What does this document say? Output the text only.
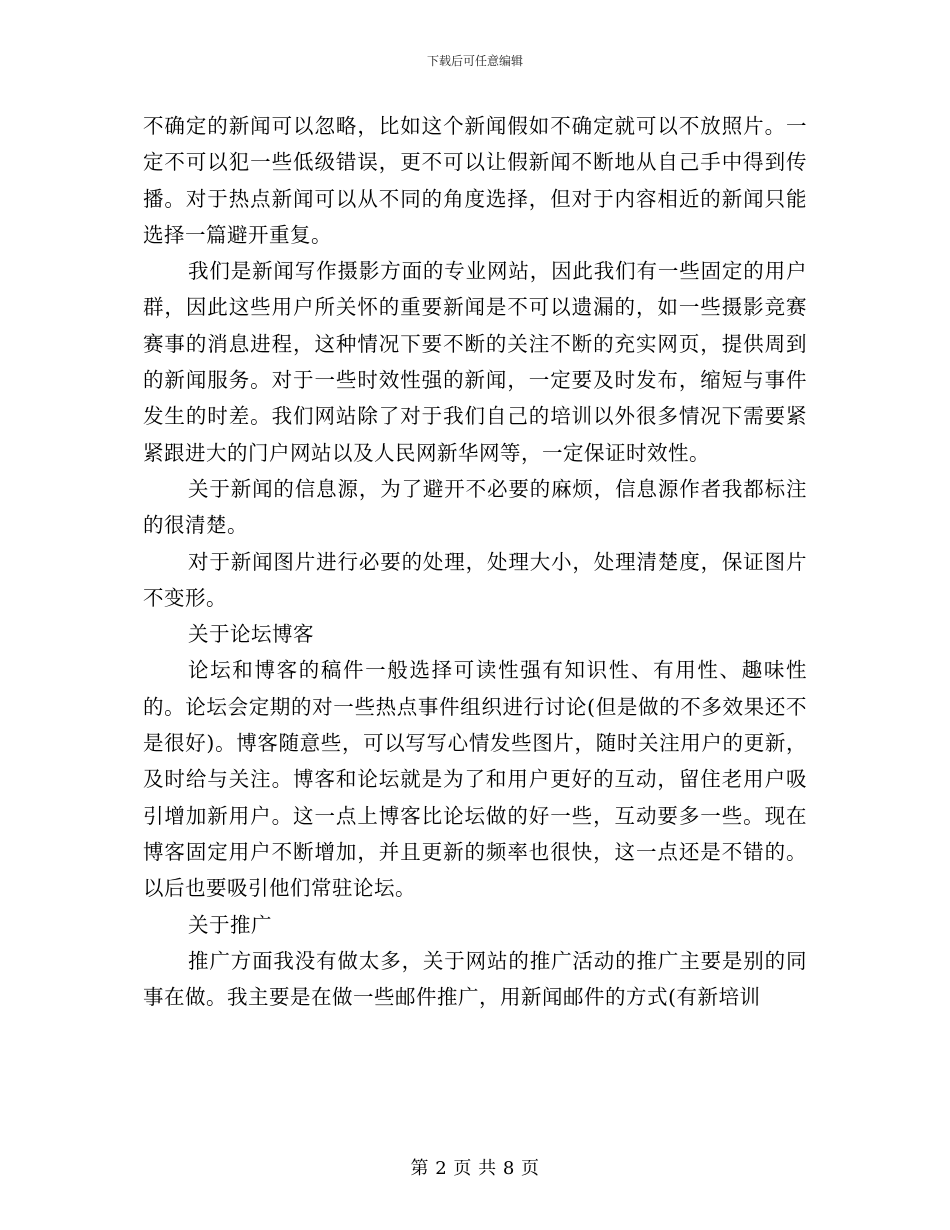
下载后可任意编辑

不确定的新闻可以忽略，比如这个新闻假如不确定就可以不放照片。一定不可以犯一些低级错误，更不可以让假新闻不断地从自己手中得到传播。对于热点新闻可以从不同的角度选择，但对于内容相近的新闻只能选择一篇避开重复。

我们是新闻写作摄影方面的专业网站，因此我们有一些固定的用户群，因此这些用户所关怀的重要新闻是不可以遗漏的，如一些摄影竞赛赛事的消息进程，这种情况下要不断的关注不断的充实网页，提供周到的新闻服务。对于一些时效性强的新闻，一定要及时发布，缩短与事件发生的时差。我们网站除了对于我们自己的培训以外很多情况下需要紧紧跟进大的门户网站以及人民网新华网等，一定保证时效性。

关于新闻的信息源，为了避开不必要的麻烦，信息源作者我都标注的很清楚。

对于新闻图片进行必要的处理，处理大小，处理清楚度，保证图片不变形。

关于论坛博客

论坛和博客的稿件一般选择可读性强有知识性、有用性、趣味性的。论坛会定期的对一些热点事件组织进行讨论(但是做的不多效果还不是很好)。博客随意些，可以写写心情发些图片，随时关注用户的更新，及时给与关注。博客和论坛就是为了和用户更好的互动，留住老用户吸引增加新用户。这一点上博客比论坛做的好一些，互动要多一些。现在博客固定用户不断增加，并且更新的频率也很快，这一点还是不错的。以后也要吸引他们常驻论坛。

关于推广

推广方面我没有做太多，关于网站的推广活动的推广主要是别的同事在做。我主要是在做一些邮件推广，用新闻邮件的方式(有新培训

第 2 页 共 8 页
